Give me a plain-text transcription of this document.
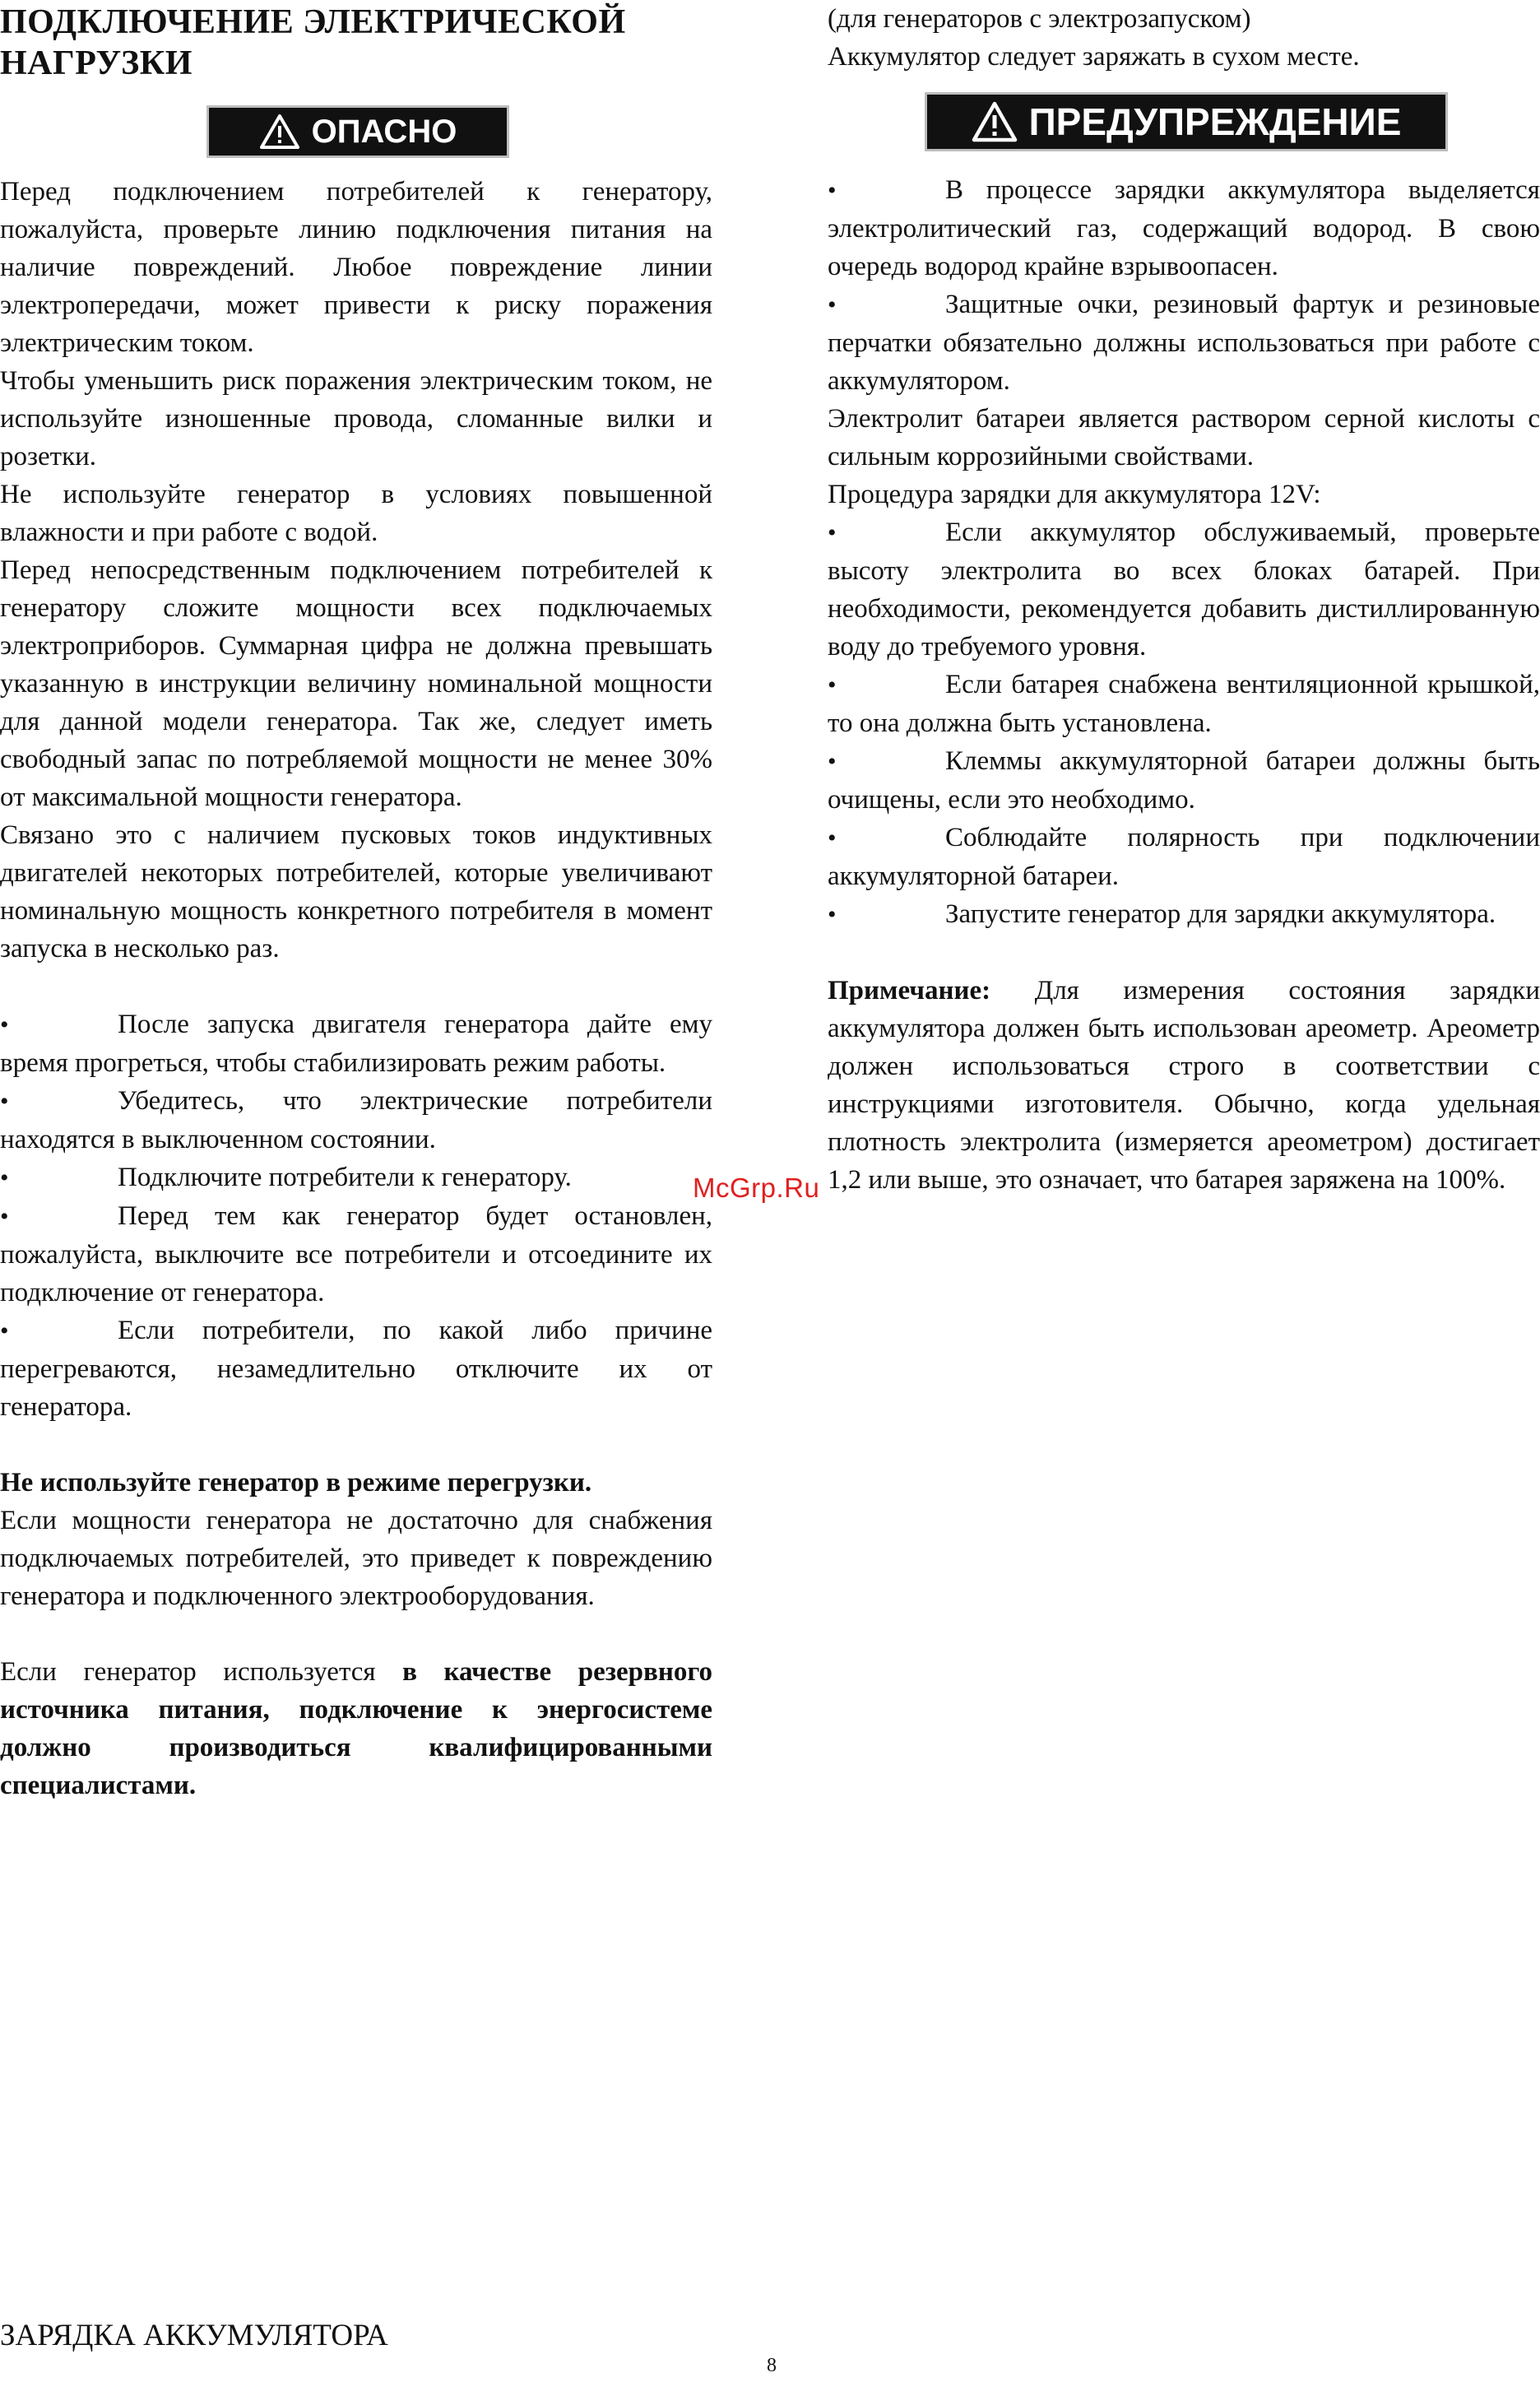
ПОДКЛЮЧЕНИЕ ЭЛЕКТРИЧЕСКОЙ

НАГРУЗКИ

ОПАСНО

Перед подключением потребителей к генератору, пожалуйста, проверьте линию подключения питания на наличие повреждений. Любое повреждение линии электропередачи, может привести к риску поражения электрическим током.

Чтобы уменьшить риск поражения электрическим током, не используйте изношенные провода, сломанные вилки и розетки.

Не используйте генератор в условиях повышенной влажности и при работе с водой.

Перед непосредственным подключением потребителей к генератору сложите мощности всех подключаемых электроприборов. Суммарная цифра не должна превышать указанную в инструкции величину номинальной мощности для данной модели генератора. Так же, следует иметь свободный запас по потребляемой мощности не менее 30% от максимальной мощности генератора.

Связано это с наличием пусковых токов индуктивных двигателей некоторых потребителей, которые увеличивают номинальную мощность конкретного потребителя в момент запуска в несколько раз.

•	После запуска двигателя генератора дайте ему время прогреться, чтобы стабилизировать режим работы.

•	Убедитесь, что электрические потребители находятся в выключенном состоянии.

•	Подключите потребители к генератору.

•	Перед тем как генератор будет остановлен, пожалуйста, выключите все потребители и отсоедините их подключение от генератора.

•	Если потребители, по какой либо причине перегреваются, незамедлительно отключите их от генератора.

Не используйте генератор в режиме перегрузки.

Если мощности генератора не достаточно для снабжения подключаемых потребителей, это приведет к повреждению генератора и подключенного электрооборудования.

Если генератор используется в качестве резервного источника питания, подключение к энергосистеме должно производиться квалифицированными специалистами.

(для генераторов с электрозапуском)

Аккумулятор следует заряжать в сухом месте.

ПРЕДУПРЕЖДЕНИЕ

•	В процессе зарядки аккумулятора выделяется электролитический газ, содержащий водород. В свою очередь водород крайне взрывоопасен.

•	Защитные очки, резиновый фартук и резиновые перчатки обязательно должны использоваться при работе с аккумулятором.

Электролит батареи является раствором серной кислоты с сильным коррозийными свойствами.

Процедура зарядки для аккумулятора 12V:

•	Если аккумулятор обслуживаемый, проверьте высоту электролита во всех блоках батарей. При необходимости, рекомендуется добавить дистиллированную воду до требуемого уровня.

•	Если батарея снабжена вентиляционной крышкой, то она должна быть установлена.

•	Клеммы аккумуляторной батареи должны быть очищены, если это необходимо.

•	Соблюдайте полярность при подключении аккумуляторной батареи.

•	Запустите генератор для зарядки аккумулятора.

Примечание: Для измерения состояния зарядки аккумулятора должен быть использован ареометр. Ареометр должен использоваться строго в соответствии с инструкциями изготовителя. Обычно, когда удельная плотность электролита (измеряется ареометром) достигает 1,2 или выше, это означает, что батарея заряжена на 100%.

McGrp.Ru

ЗАРЯДКА АККУМУЛЯТОРА

8
